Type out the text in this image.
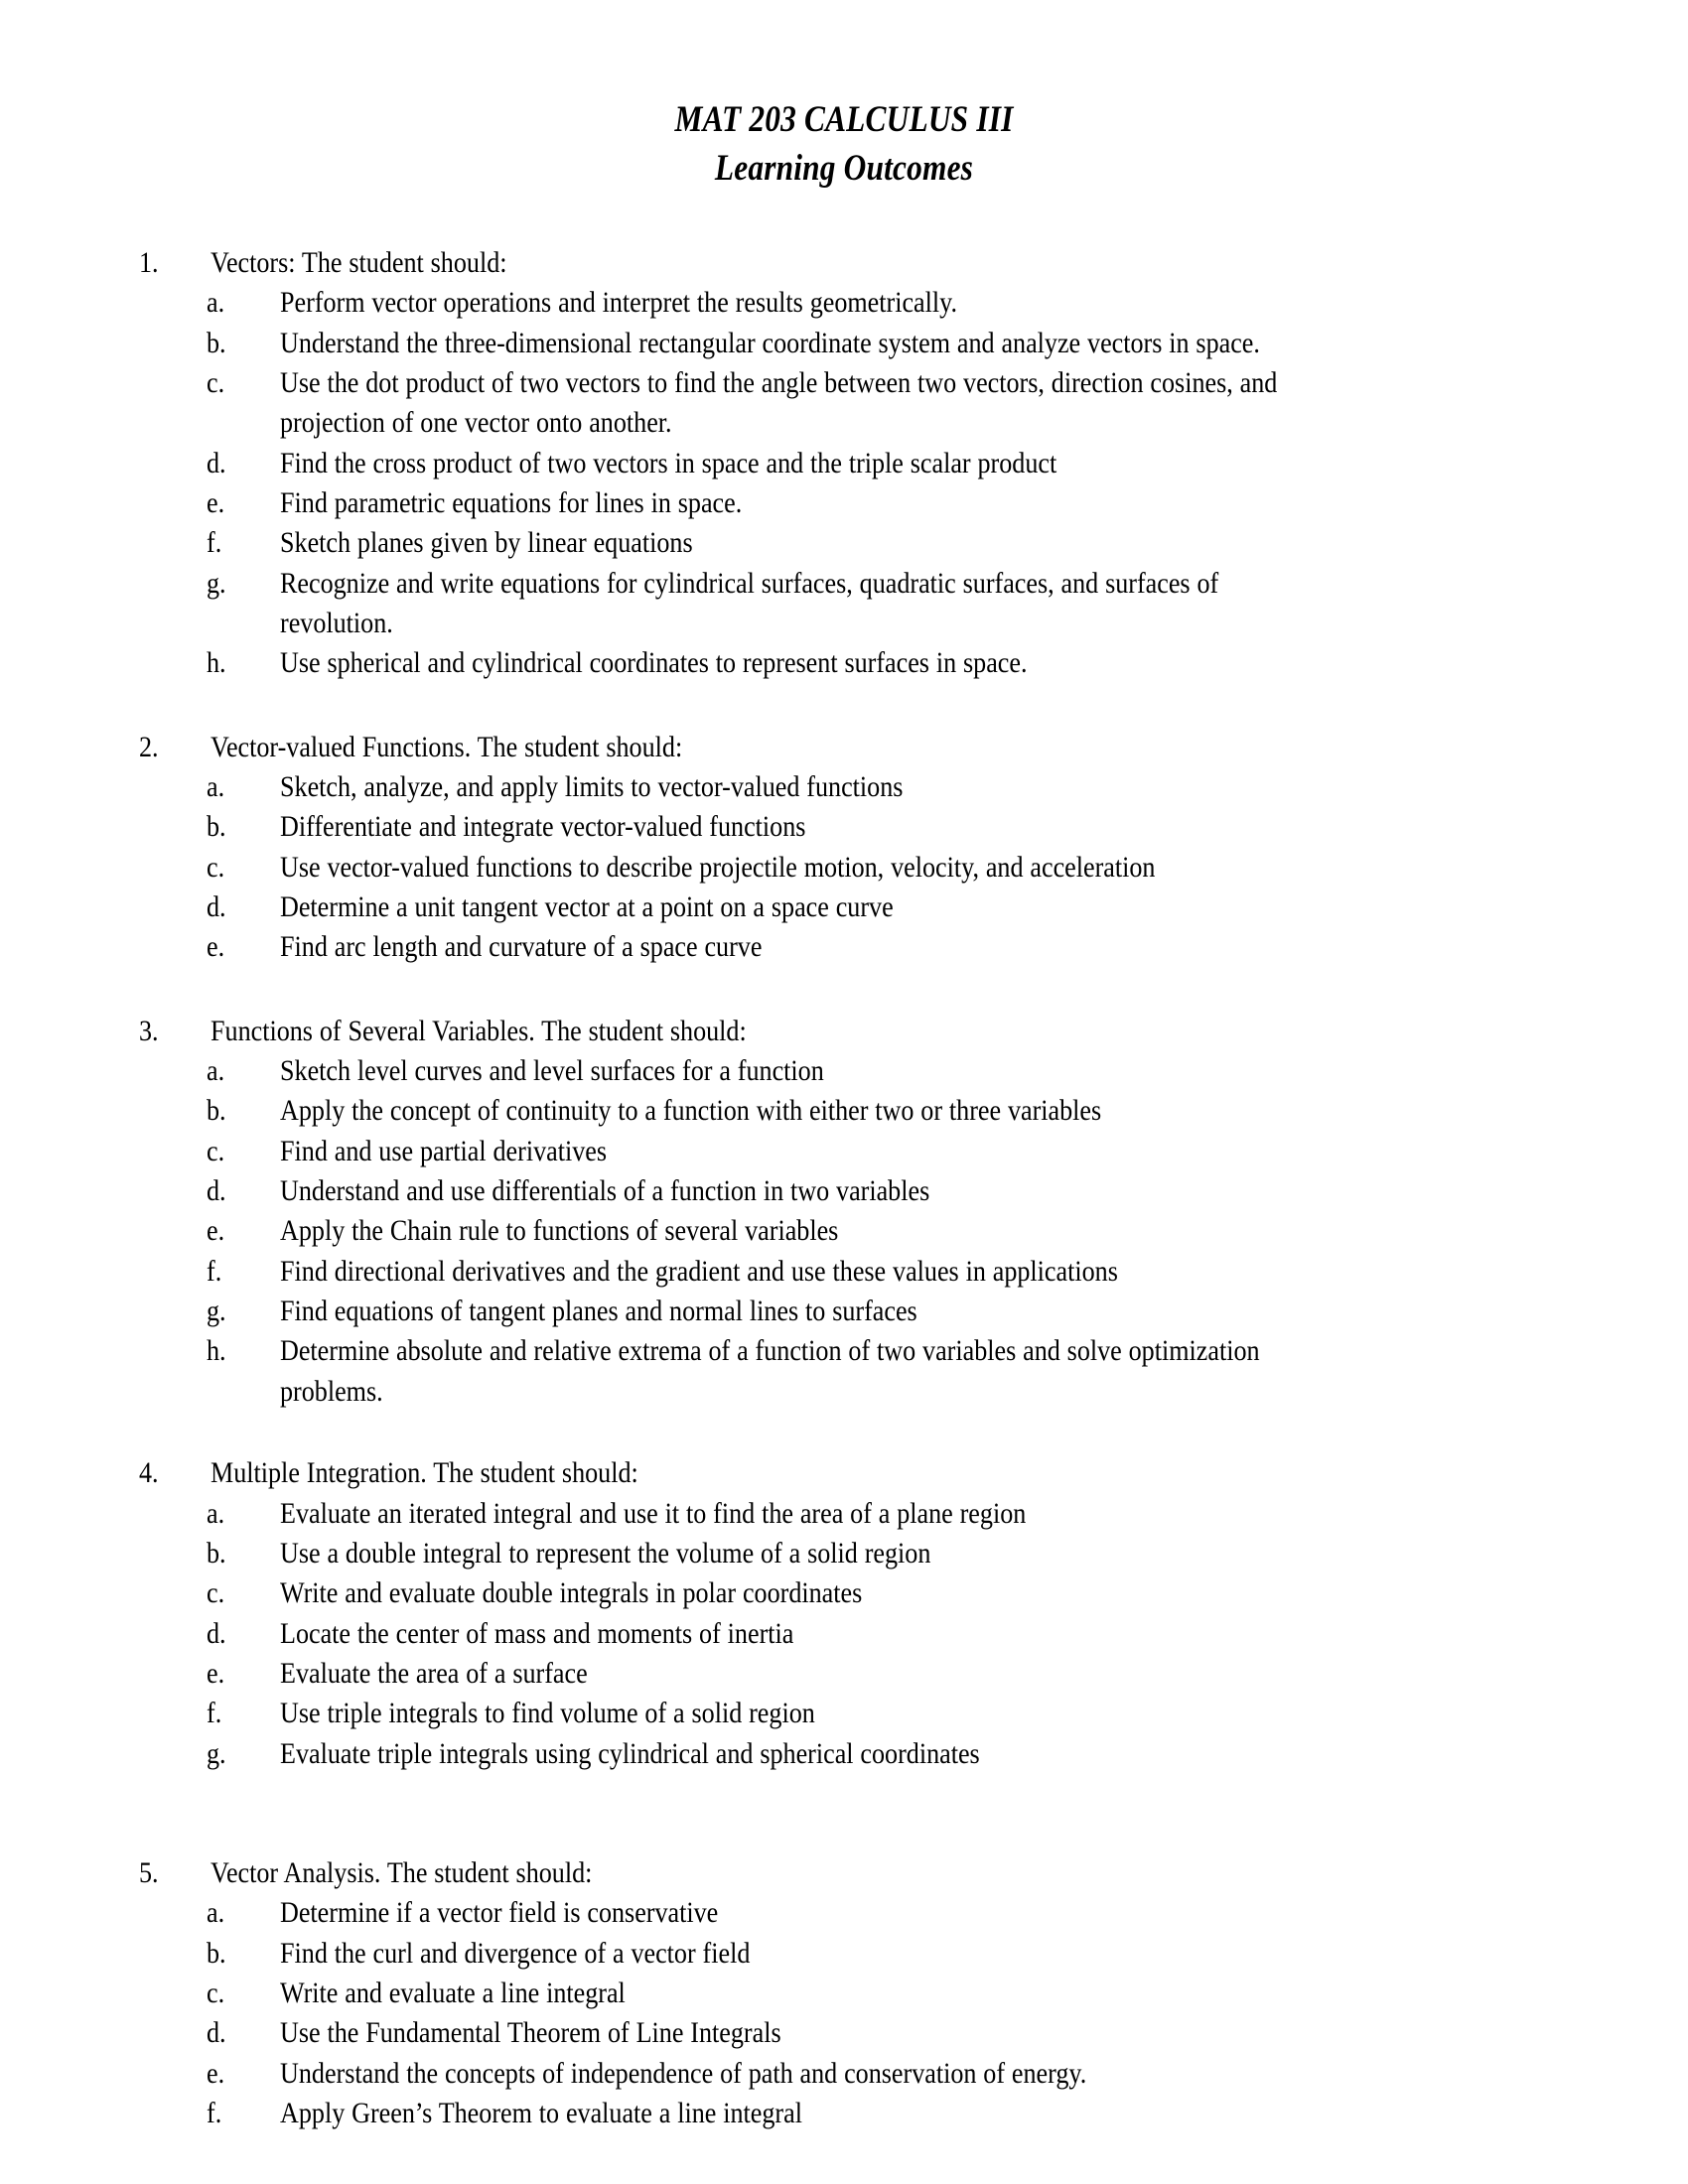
MAT 203 CALCULUS III
Learning Outcomes
1.	Vectors: The student should:
a.	Perform vector operations and interpret the results geometrically.
b.	Understand the three-dimensional rectangular coordinate system and analyze vectors in space.
c.	Use the dot product of two vectors to find the angle between two vectors, direction cosines, and projection of one vector onto another.
d.	Find the cross product of two vectors in space and the triple scalar product
e.	Find parametric equations for lines in space.
f.	Sketch planes given by linear equations
g.	Recognize and write equations for cylindrical surfaces, quadratic surfaces, and surfaces of revolution.
h.	Use spherical and cylindrical coordinates to represent surfaces in space.
2.	Vector-valued Functions. The student should:
a.	Sketch, analyze, and apply limits to vector-valued functions
b.	Differentiate and integrate vector-valued functions
c.	Use vector-valued functions to describe projectile motion, velocity, and acceleration
d.	Determine a unit tangent vector at a point on a space curve
e.	Find arc length and curvature of a space curve
3.	Functions of Several Variables. The student should:
a.	Sketch level curves and level surfaces for a function
b.	Apply the concept of continuity to a function with either two or three variables
c.	Find and use partial derivatives
d.	Understand and use differentials of a function in two variables
e.	Apply the Chain rule to functions of several variables
f.	Find directional derivatives and the gradient and use these values in applications
g.	Find equations of tangent planes and normal lines to surfaces
h.	Determine absolute and relative extrema of a function of two variables and solve optimization problems.
4.	Multiple Integration. The student should:
a.	Evaluate an iterated integral and use it to find the area of a plane region
b.	Use a double integral to represent the volume of a solid region
c.	Write and evaluate double integrals in polar coordinates
d.	Locate the center of mass and moments of inertia
e.	Evaluate the area of a surface
f.	Use triple integrals to find volume of a solid region
g.	Evaluate triple integrals using cylindrical and spherical coordinates
5.	Vector Analysis. The student should:
a.	Determine if a vector field is conservative
b.	Find the curl and divergence of a vector field
c.	Write and evaluate a line integral
d.	Use the Fundamental Theorem of Line Integrals
e.	Understand the concepts of independence of path and conservation of energy.
f.	Apply Green’s Theorem to evaluate a line integral
